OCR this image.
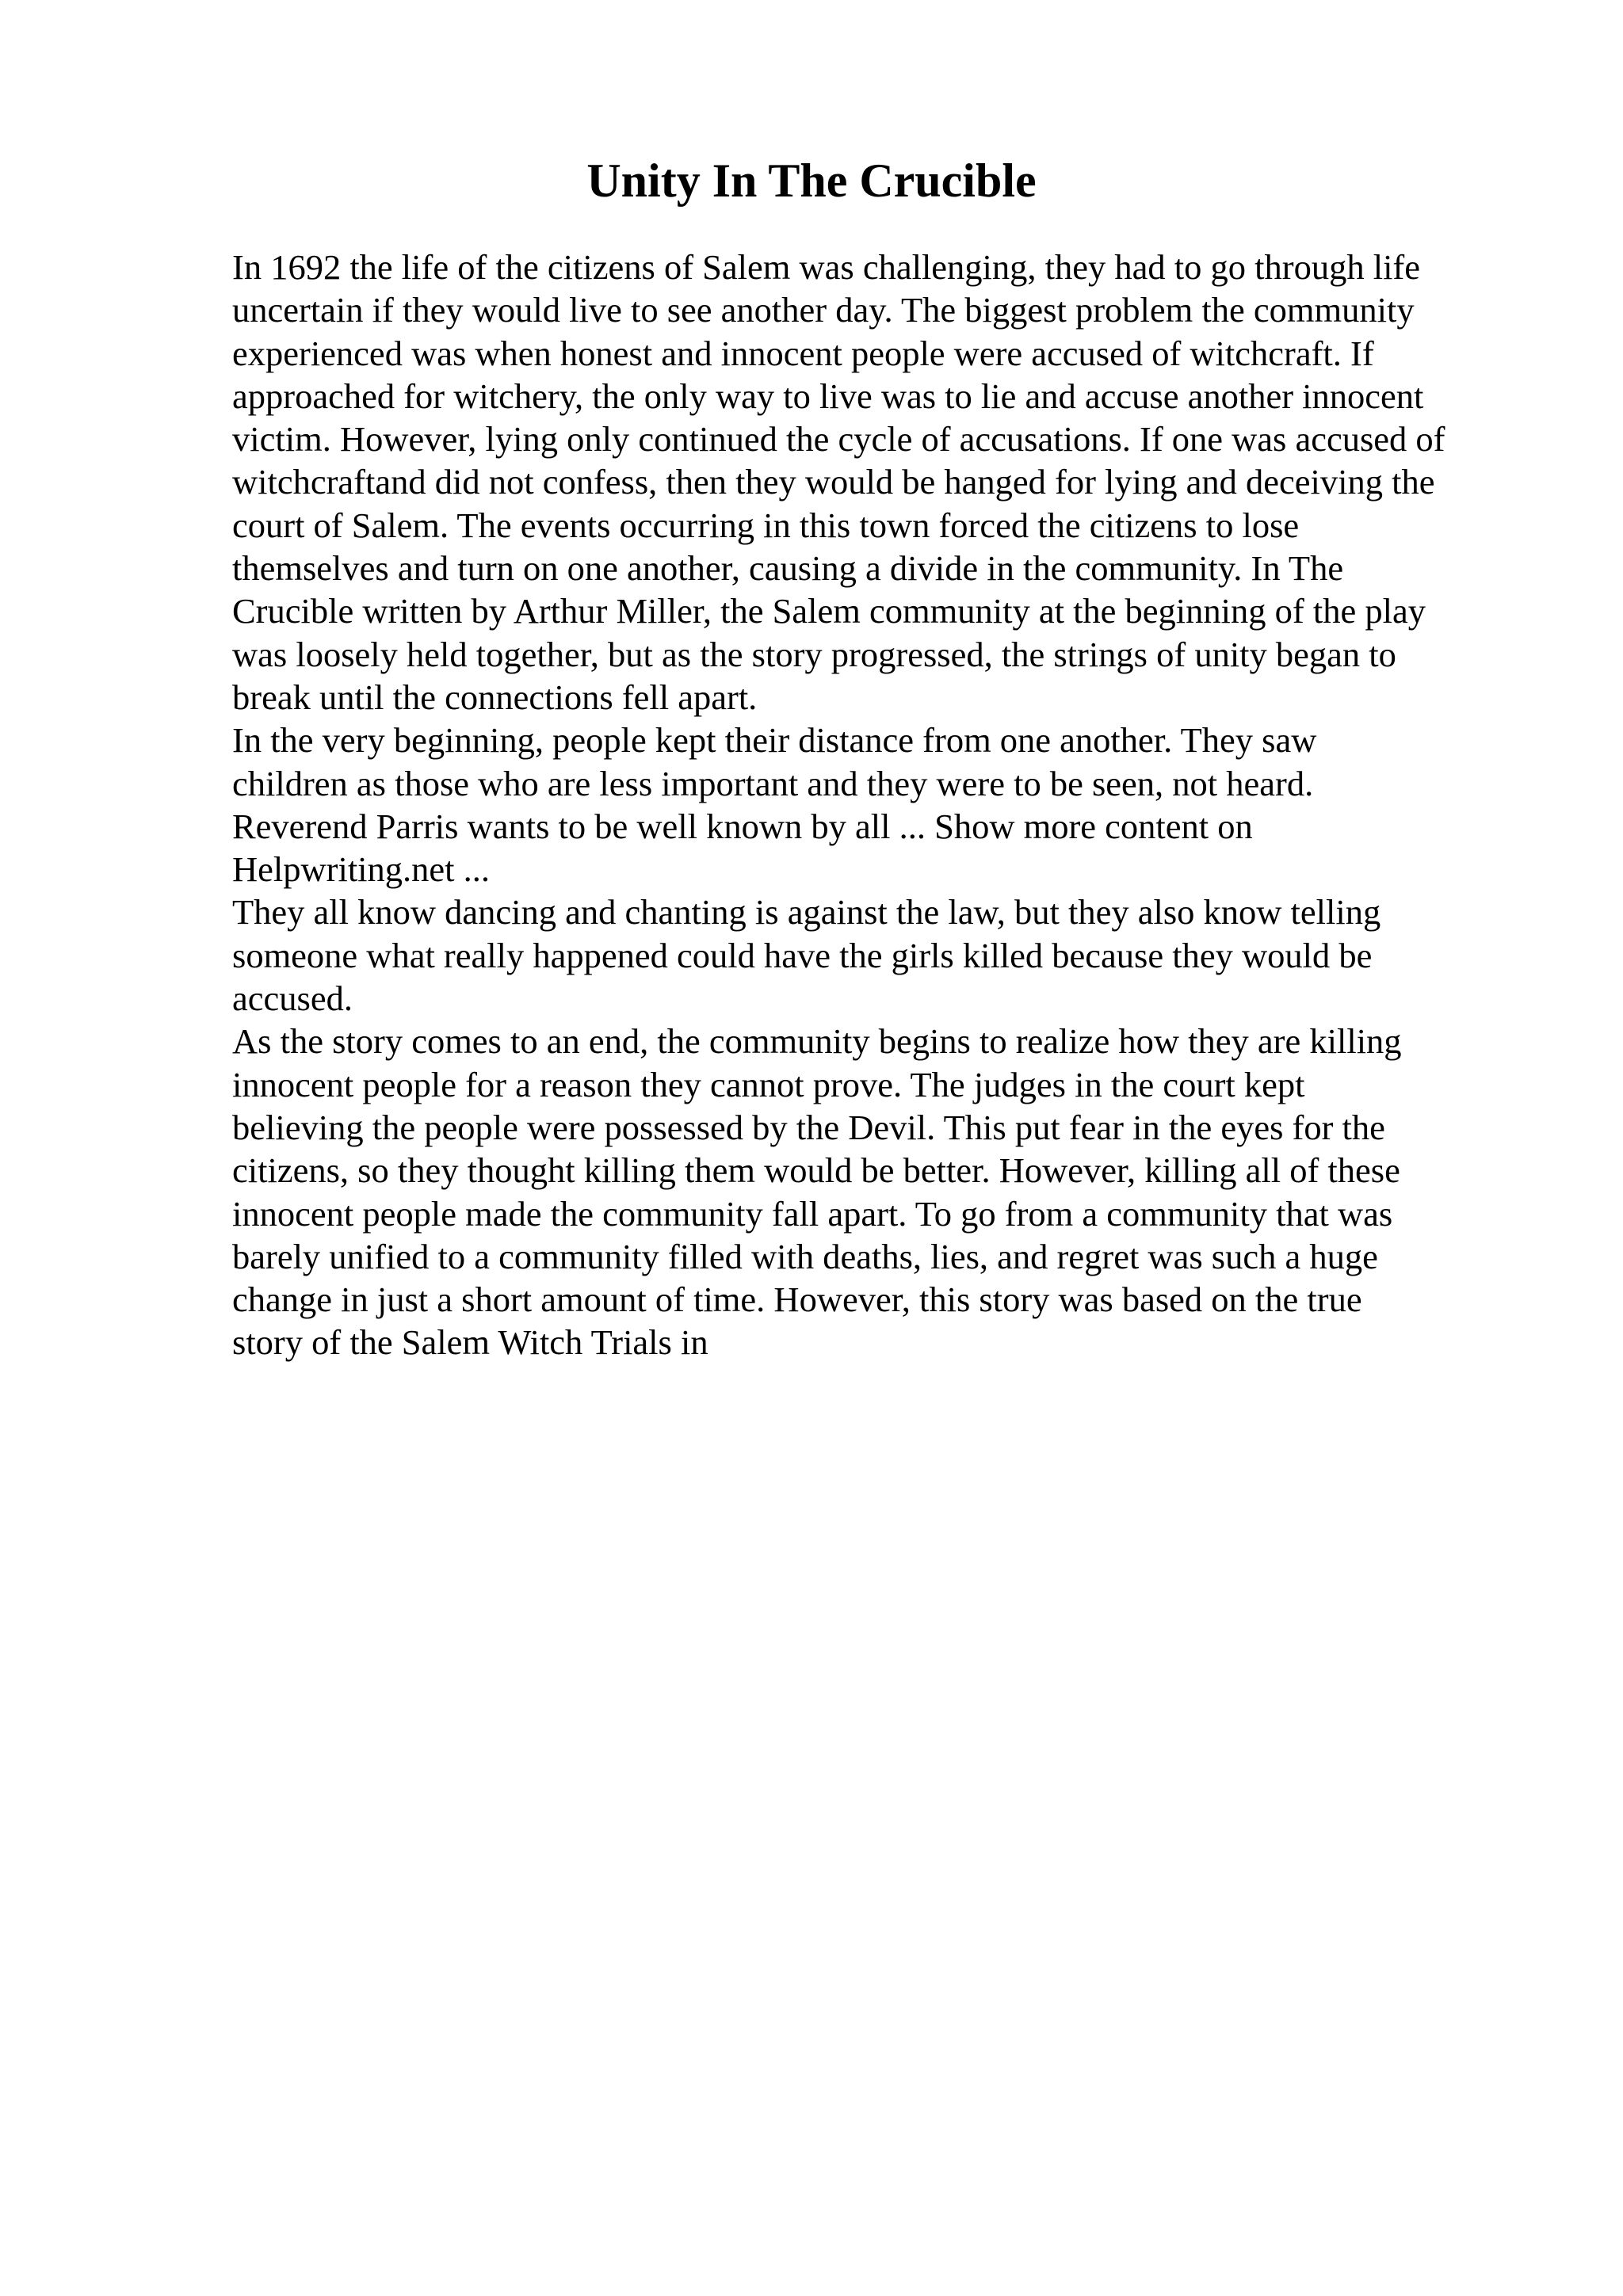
Unity In The Crucible
In 1692 the life of the citizens of Salem was challenging, they had to go through life
uncertain if they would live to see another day. The biggest problem the community
experienced was when honest and innocent people were accused of witchcraft. If
approached for witchery, the only way to live was to lie and accuse another innocent
victim. However, lying only continued the cycle of accusations. If one was accused of
witchcraftand did not confess, then they would be hanged for lying and deceiving the
court of Salem. The events occurring in this town forced the citizens to lose
themselves and turn on one another, causing a divide in the community. In The
Crucible written by Arthur Miller, the Salem community at the beginning of the play
was loosely held together, but as the story progressed, the strings of unity began to
break until the connections fell apart.
In the very beginning, people kept their distance from one another. They saw
children as those who are less important and they were to be seen, not heard.
Reverend Parris wants to be well known by all ... Show more content on
Helpwriting.net ...
They all know dancing and chanting is against the law, but they also know telling
someone what really happened could have the girls killed because they would be
accused.
As the story comes to an end, the community begins to realize how they are killing
innocent people for a reason they cannot prove. The judges in the court kept
believing the people were possessed by the Devil. This put fear in the eyes for the
citizens, so they thought killing them would be better. However, killing all of these
innocent people made the community fall apart. To go from a community that was
barely unified to a community filled with deaths, lies, and regret was such a huge
change in just a short amount of time. However, this story was based on the true
story of the Salem Witch Trials in
